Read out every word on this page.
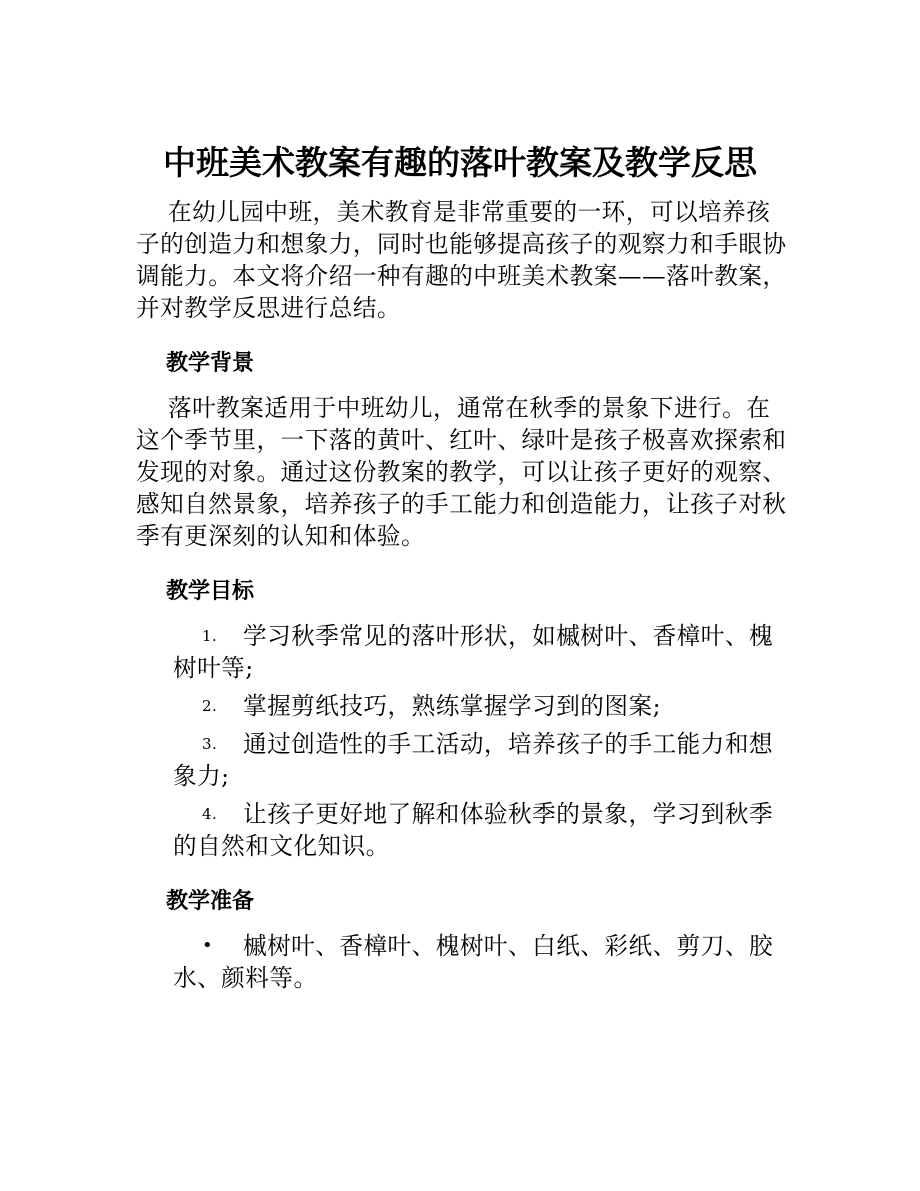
中班美术教案有趣的落叶教案及教学反思

在幼儿园中班，美术教育是非常重要的一环，可以培养孩子的创造力和想象力，同时也能够提高孩子的观察力和手眼协调能力。本文将介绍一种有趣的中班美术教案——落叶教案，并对教学反思进行总结。

教学背景

落叶教案适用于中班幼儿，通常在秋季的景象下进行。在这个季节里，一下落的黄叶、红叶、绿叶是孩子极喜欢探索和发现的对象。通过这份教案的教学，可以让孩子更好的观察、感知自然景象，培养孩子的手工能力和创造能力，让孩子对秋季有更深刻的认知和体验。

教学目标
1. 学习秋季常见的落叶形状，如槭树叶、香樟叶、槐树叶等;
2. 掌握剪纸技巧，熟练掌握学习到的图案;
3. 通过创造性的手工活动，培养孩子的手工能力和想象力;
4. 让孩子更好地了解和体验秋季的景象，学习到秋季的自然和文化知识。
教学准备
• 槭树叶、香樟叶、槐树叶、白纸、彩纸、剪刀、胶水、颜料等。
